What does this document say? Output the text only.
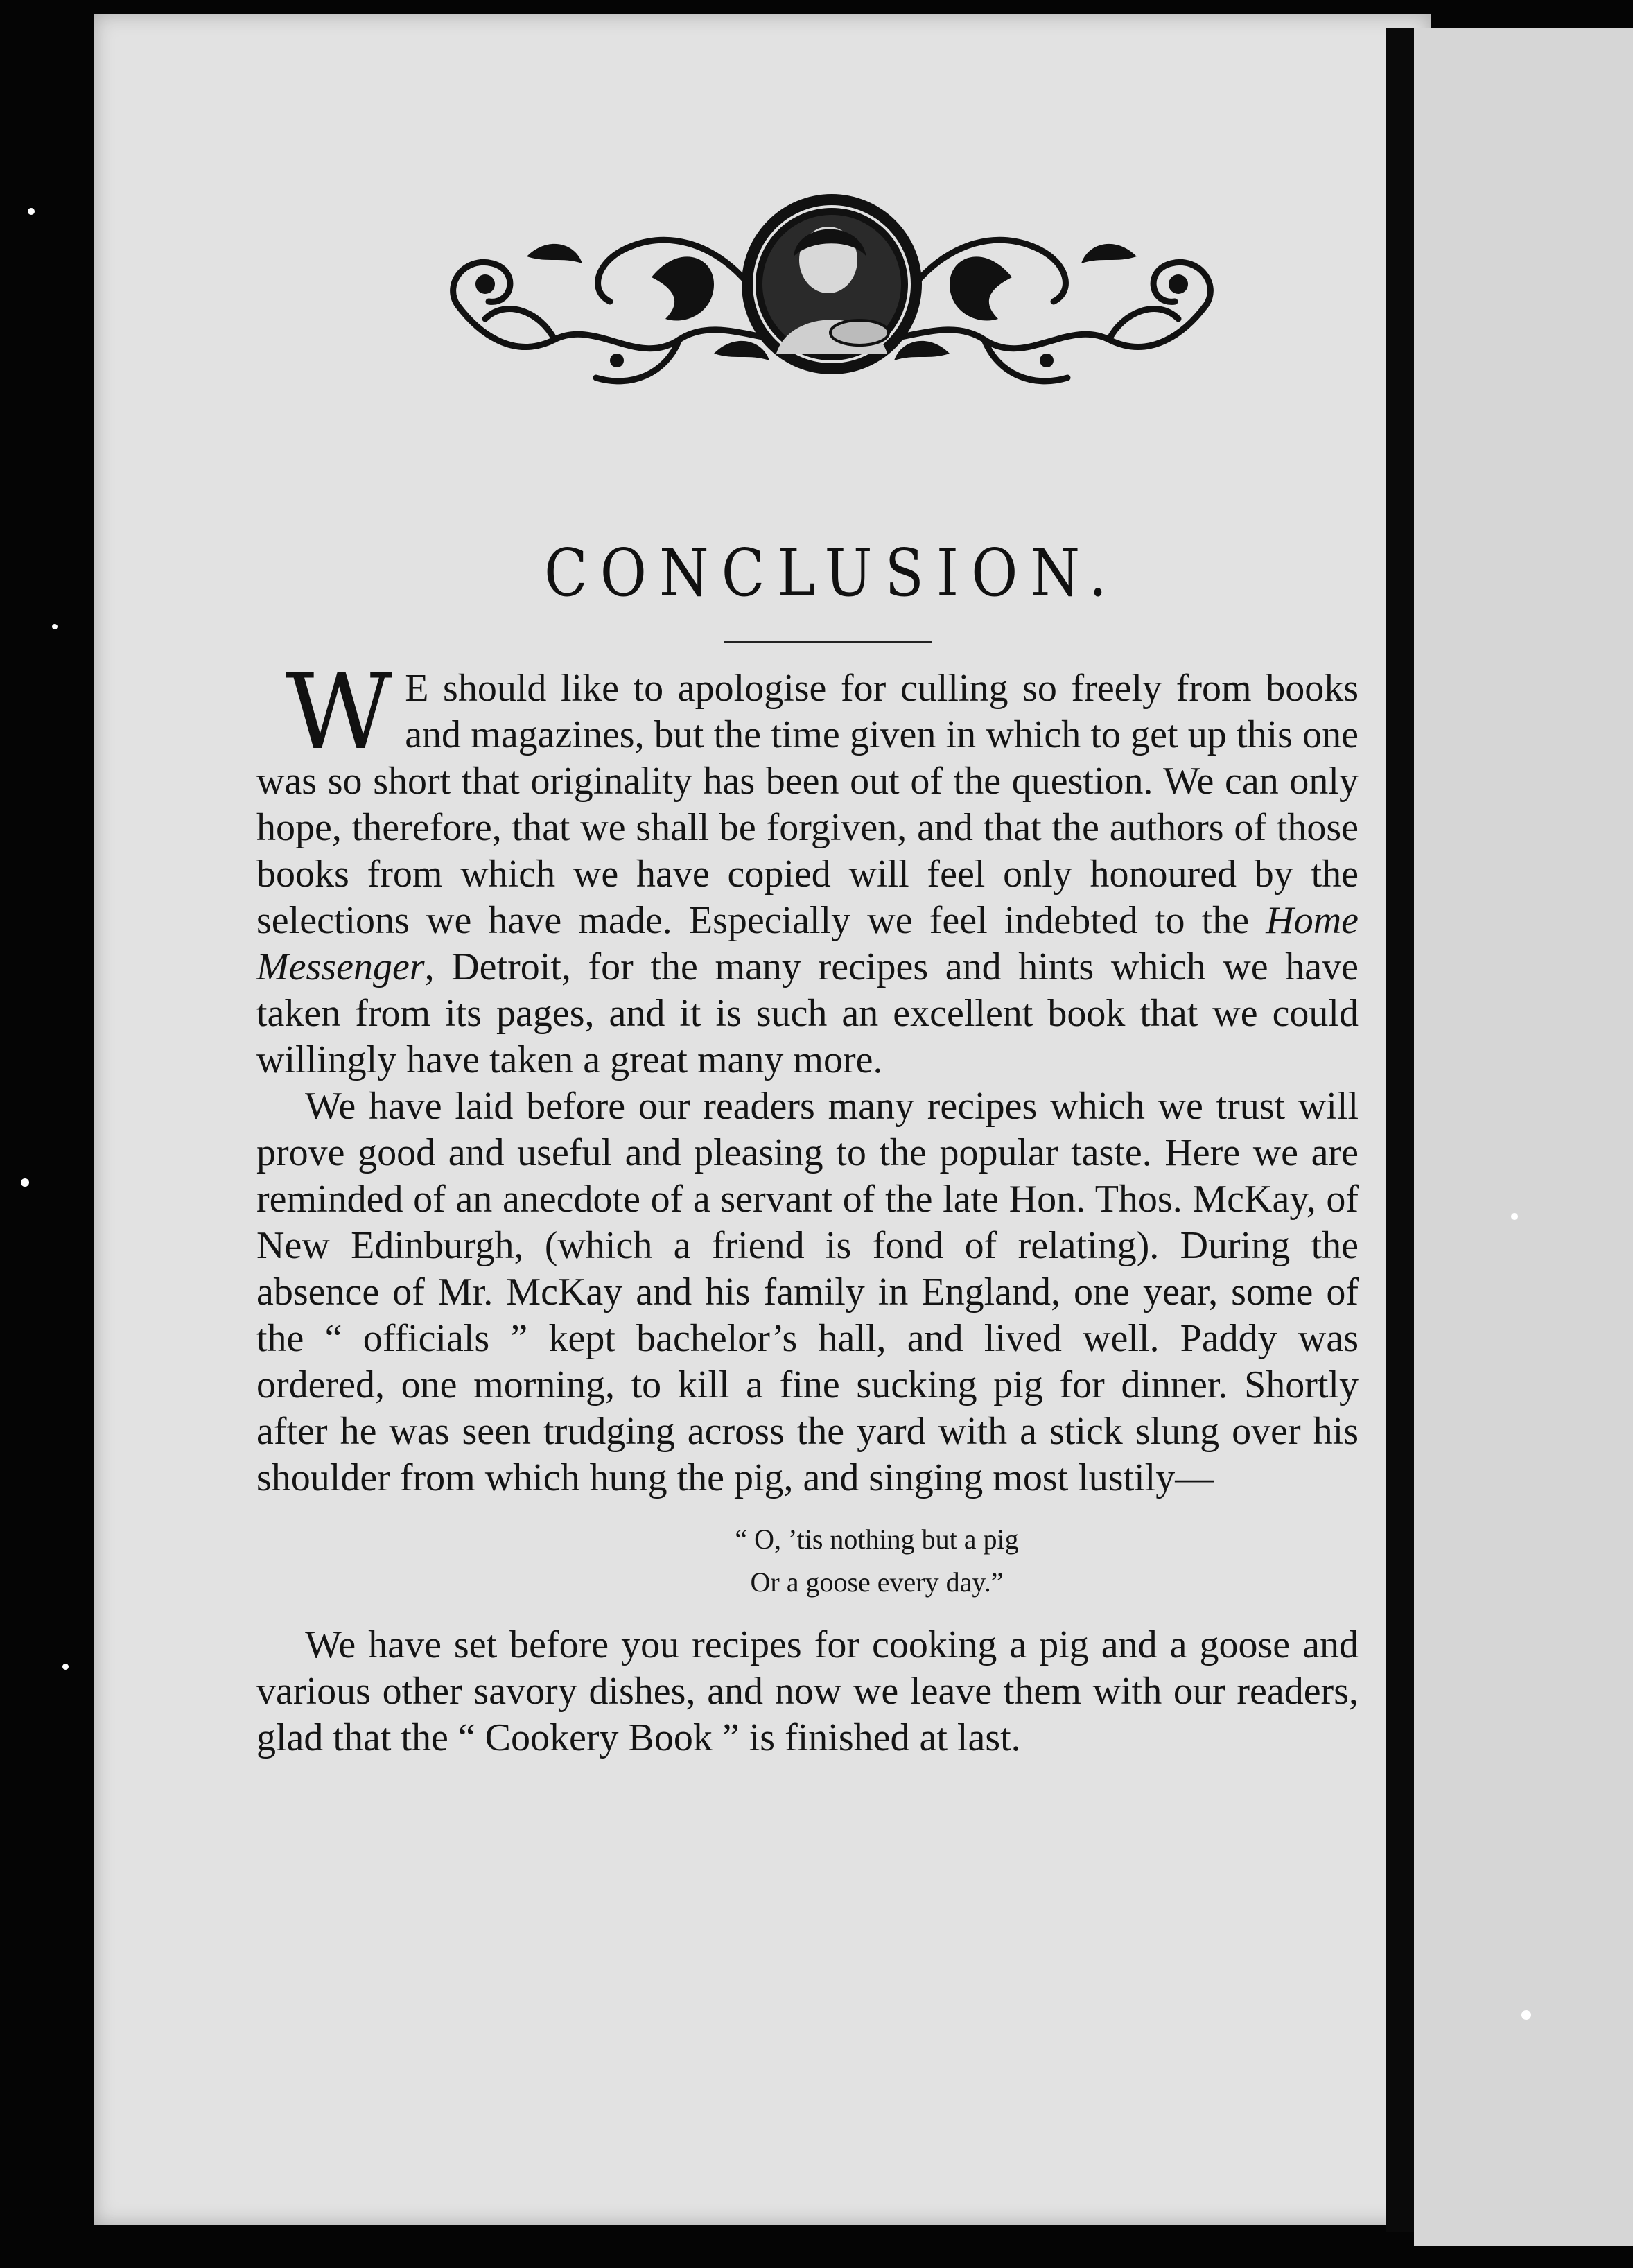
CONCLUSION.

W E should like to apologise for culling so freely from books and magazines, but the time given in which to get up this one was so short that originality has been out of the question. We can only hope, therefore, that we shall be forgiven, and that the authors of those books from which we have copied will feel only honoured by the selections we have made. Especially we feel indebted to the Home Messenger, Detroit, for the many recipes and hints which we have taken from its pages, and it is such an excellent book that we could willingly have taken a great many more.

We have laid before our readers many recipes which we trust will prove good and useful and pleasing to the popular taste. Here we are reminded of an anecdote of a servant of the late Hon. Thos. McKay, of New Edinburgh, (which a friend is fond of relating). During the absence of Mr. McKay and his family in England, one year, some of the “ officials ” kept bachelor’s hall, and lived well. Paddy was ordered, one morning, to kill a fine sucking pig for dinner. Shortly after he was seen trudging across the yard with a stick slung over his shoulder from which hung the pig, and singing most lustily—

“ O, ’tis nothing but a pig
Or a goose every day.”

We have set before you recipes for cooking a pig and a goose and various other savory dishes, and now we leave them with our readers, glad that the “ Cookery Book ” is finished at last.
